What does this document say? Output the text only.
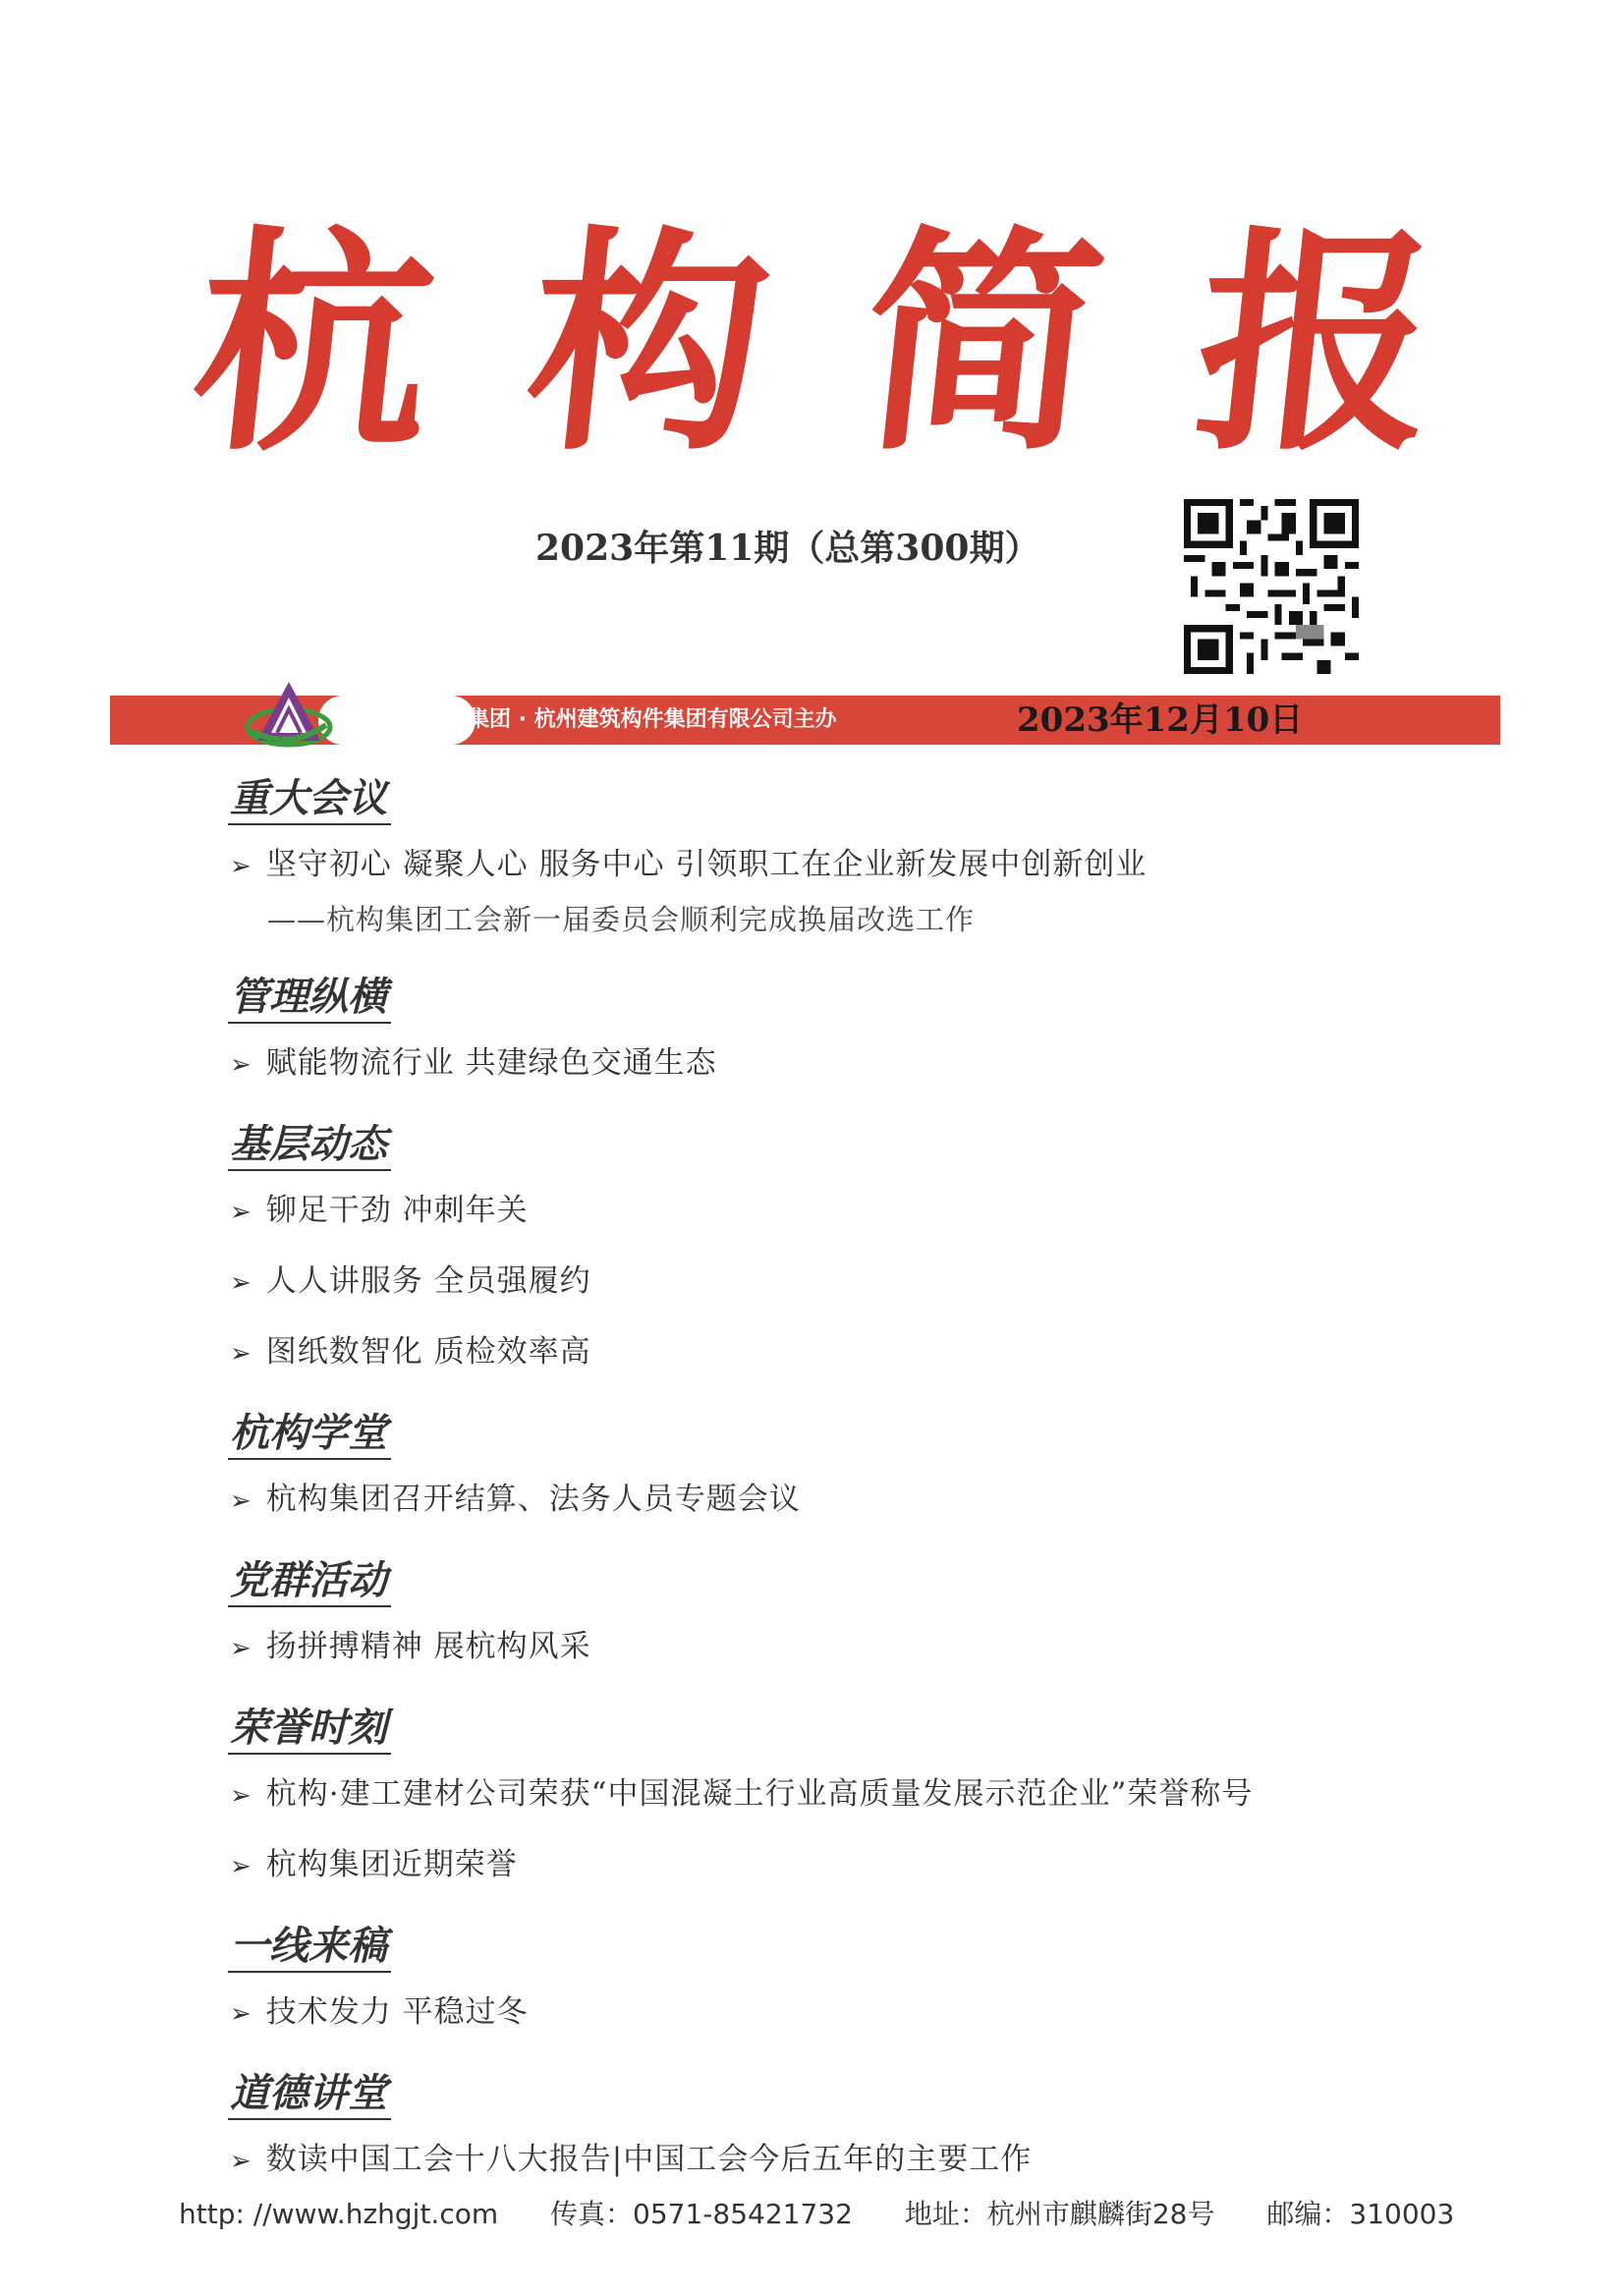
杭 构 简 报
2023年第11期（总第300期）
杭州建工集团 · 杭州建筑构件集团有限公司主办	2023年12月10日
重大会议
➢ 坚守初心 凝聚人心 服务中心 引领职工在企业新发展中创新创业
——杭构集团工会新一届委员会顺利完成换届改选工作
管理纵横
➢ 赋能物流行业 共建绿色交通生态
基层动态
➢ 铆足干劲 冲刺年关
➢ 人人讲服务 全员强履约
➢ 图纸数智化 质检效率高
杭构学堂
➢ 杭构集团召开结算、法务人员专题会议
党群活动
➢ 扬拼搏精神 展杭构风采
荣誉时刻
➢ 杭构·建工建材公司荣获“中国混凝土行业高质量发展示范企业”荣誉称号
➢ 杭构集团近期荣誉
一线来稿
➢ 技术发力 平稳过冬
道德讲堂
➢ 数读中国工会十八大报告|中国工会今后五年的主要工作
http: //www.hzhgjt.com 传真：0571-85421732 地址：杭州市麒麟街28号 邮编：310003
